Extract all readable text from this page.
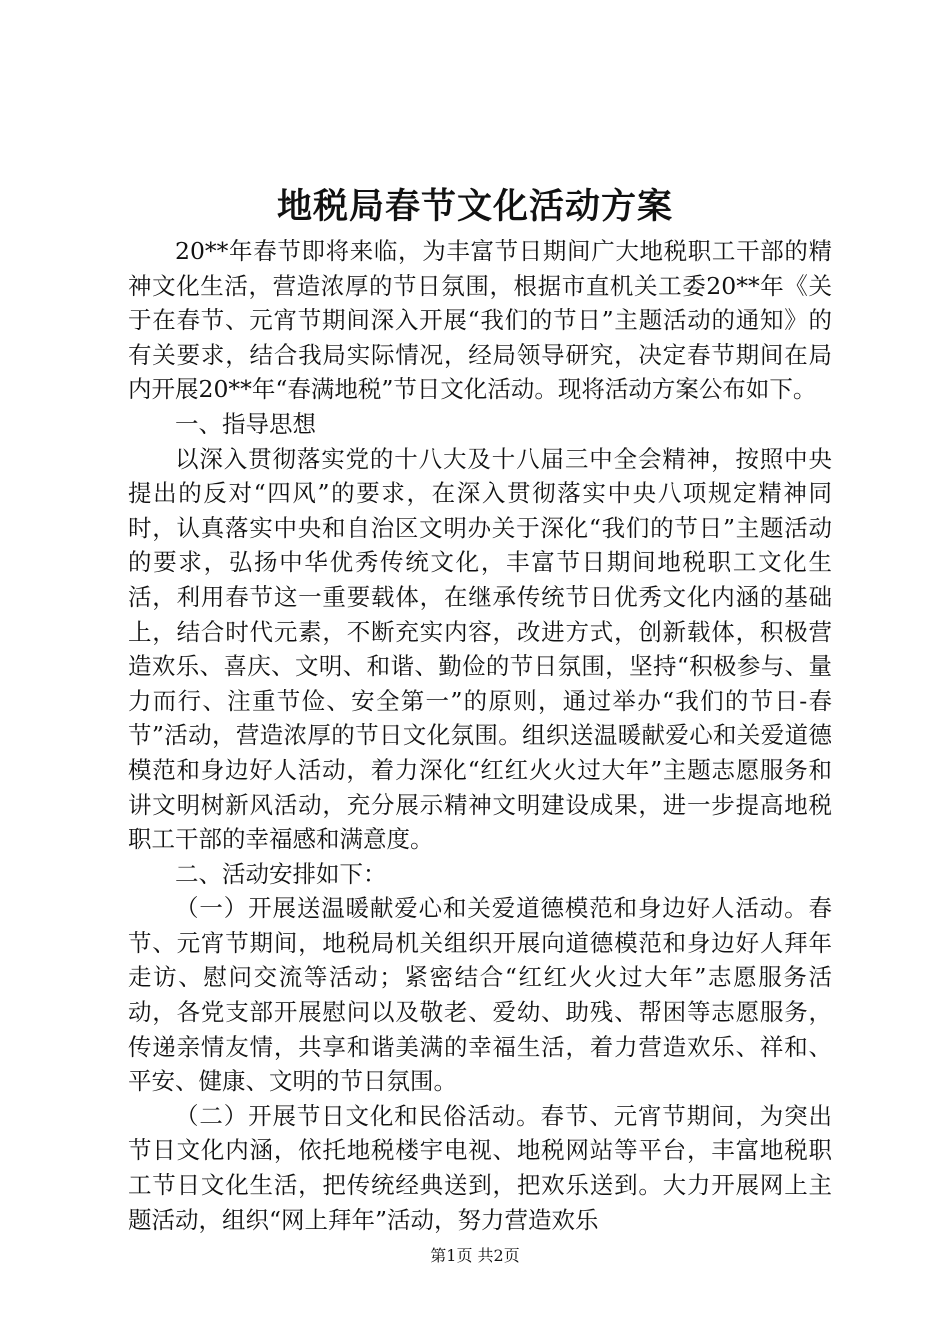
地税局春节文化活动方案

20**年春节即将来临，为丰富节日期间广大地税职工干部的精神文化生活，营造浓厚的节日氛围，根据市直机关工委20**年《关于在春节、元宵节期间深入开展“我们的节日”主题活动的通知》的有关要求，结合我局实际情况，经局领导研究，决定春节期间在局内开展20**年“春满地税”节日文化活动。现将活动方案公布如下。

一、指导思想

以深入贯彻落实党的十八大及十八届三中全会精神，按照中央提出的反对“四风”的要求，在深入贯彻落实中央八项规定精神同时，认真落实中央和自治区文明办关于深化“我们的节日”主题活动的要求，弘扬中华优秀传统文化，丰富节日期间地税职工文化生活，利用春节这一重要载体，在继承传统节日优秀文化内涵的基础上，结合时代元素，不断充实内容，改进方式，创新载体，积极营造欢乐、喜庆、文明、和谐、勤俭的节日氛围，坚持“积极参与、量力而行、注重节俭、安全第一”的原则，通过举办“我们的节日-春节”活动，营造浓厚的节日文化氛围。组织送温暖献爱心和关爱道德模范和身边好人活动，着力深化“红红火火过大年”主题志愿服务和讲文明树新风活动，充分展示精神文明建设成果，进一步提高地税职工干部的幸福感和满意度。

二、活动安排如下：

（一）开展送温暖献爱心和关爱道德模范和身边好人活动。春节、元宵节期间，地税局机关组织开展向道德模范和身边好人拜年走访、慰问交流等活动；紧密结合“红红火火过大年”志愿服务活动，各党支部开展慰问以及敬老、爱幼、助残、帮困等志愿服务，传递亲情友情，共享和谐美满的幸福生活，着力营造欢乐、祥和、平安、健康、文明的节日氛围。

（二）开展节日文化和民俗活动。春节、元宵节期间，为突出节日文化内涵，依托地税楼宇电视、地税网站等平台，丰富地税职工节日文化生活，把传统经典送到，把欢乐送到。大力开展网上主题活动，组织“网上拜年”活动，努力营造欢乐

第1页 共2页
